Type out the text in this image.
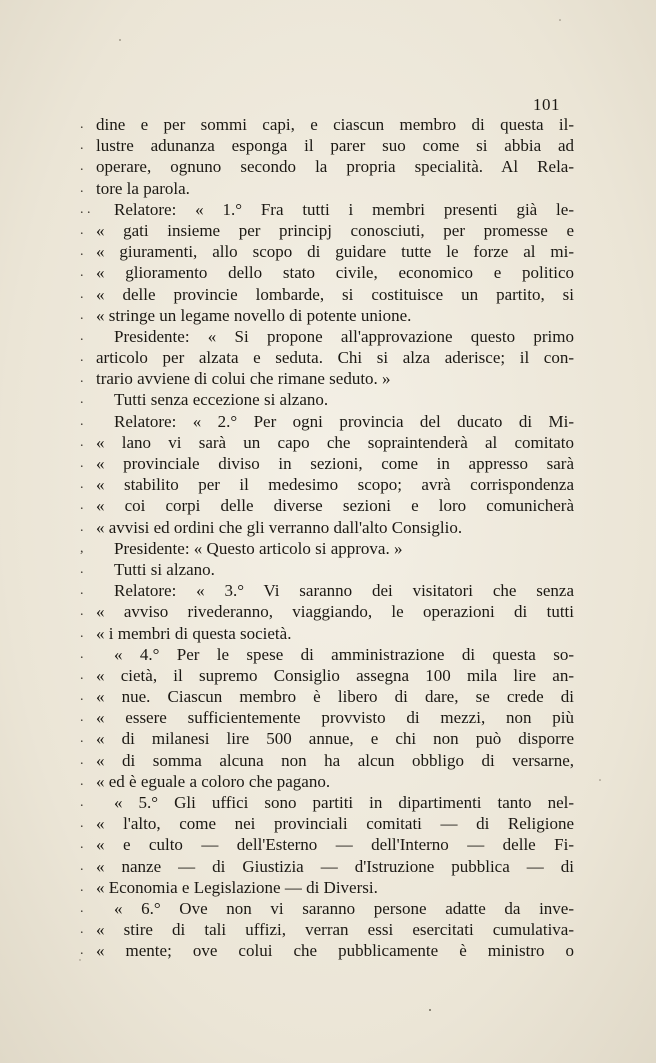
101
. dine e per sommi capi, e ciascun membro di questa il-
. lustre adunanza esponga il parer suo come si abbia ad
. operare, ognuno secondo la propria specialità. Al Rela-
. tore la parola.
. . Relatore: « 1.° Fra tutti i membri presenti già le-
. « gati insieme per principj conosciuti, per promesse e
. « giuramenti, allo scopo di guidare tutte le forze al mi-
. « glioramento dello stato civile, economico e politico
. « delle provincie lombarde, si costituisce un partito, si
. « stringe un legame novello di potente unione.
.	Presidente: « Si propone all'approvazione questo primo
. articolo per alzata e seduta. Chi si alza aderisce; il con-
. trario avviene di colui che rimane seduto. »
.	Tutti senza eccezione si alzano.
.	Relatore: « 2.° Per ogni provincia del ducato di Mi-
. « lano vi sarà un capo che sopraintenderà al comitato
. « provinciale diviso in sezioni, come in appresso sarà
. « stabilito per il medesimo scopo; avrà corrispondenza
. « coi corpi delle diverse sezioni e loro comunicherà
. « avvisi ed ordini che gli verranno dall'alto Consiglio.
,	Presidente: « Questo articolo si approva. »
.	Tutti si alzano.
.	Relatore: « 3.° Vi saranno dei visitatori che senza
. « avviso rivederanno, viaggiando, le operazioni di tutti
. « i membri di questa società.
.	« 4.° Per le spese di amministrazione di questa so-
. « cietà, il supremo Consiglio assegna 100 mila lire an-
. « nue. Ciascun membro è libero di dare, se crede di
. « essere sufficientemente provvisto di mezzi, non più
. « di milanesi lire 500 annue, e chi non può disporre
. « di somma alcuna non ha alcun obbligo di versarne,
. « ed è eguale a coloro che pagano.
.	« 5.° Gli uffici sono partiti in dipartimenti tanto nel-
. « l'alto, come nei provinciali comitati — di Religione
. « e culto — dell'Esterno — dell'Interno — delle Fi-
. « nanze — di Giustizia — d'Istruzione pubblica — di
. « Economia e Legislazione — di Diversi.
.	« 6.° Ove non vi saranno persone adatte da inve-
. « stire di tali uffizi, verran essi esercitati cumulativa-
. « mente; ove colui che pubblicamente è ministro o
